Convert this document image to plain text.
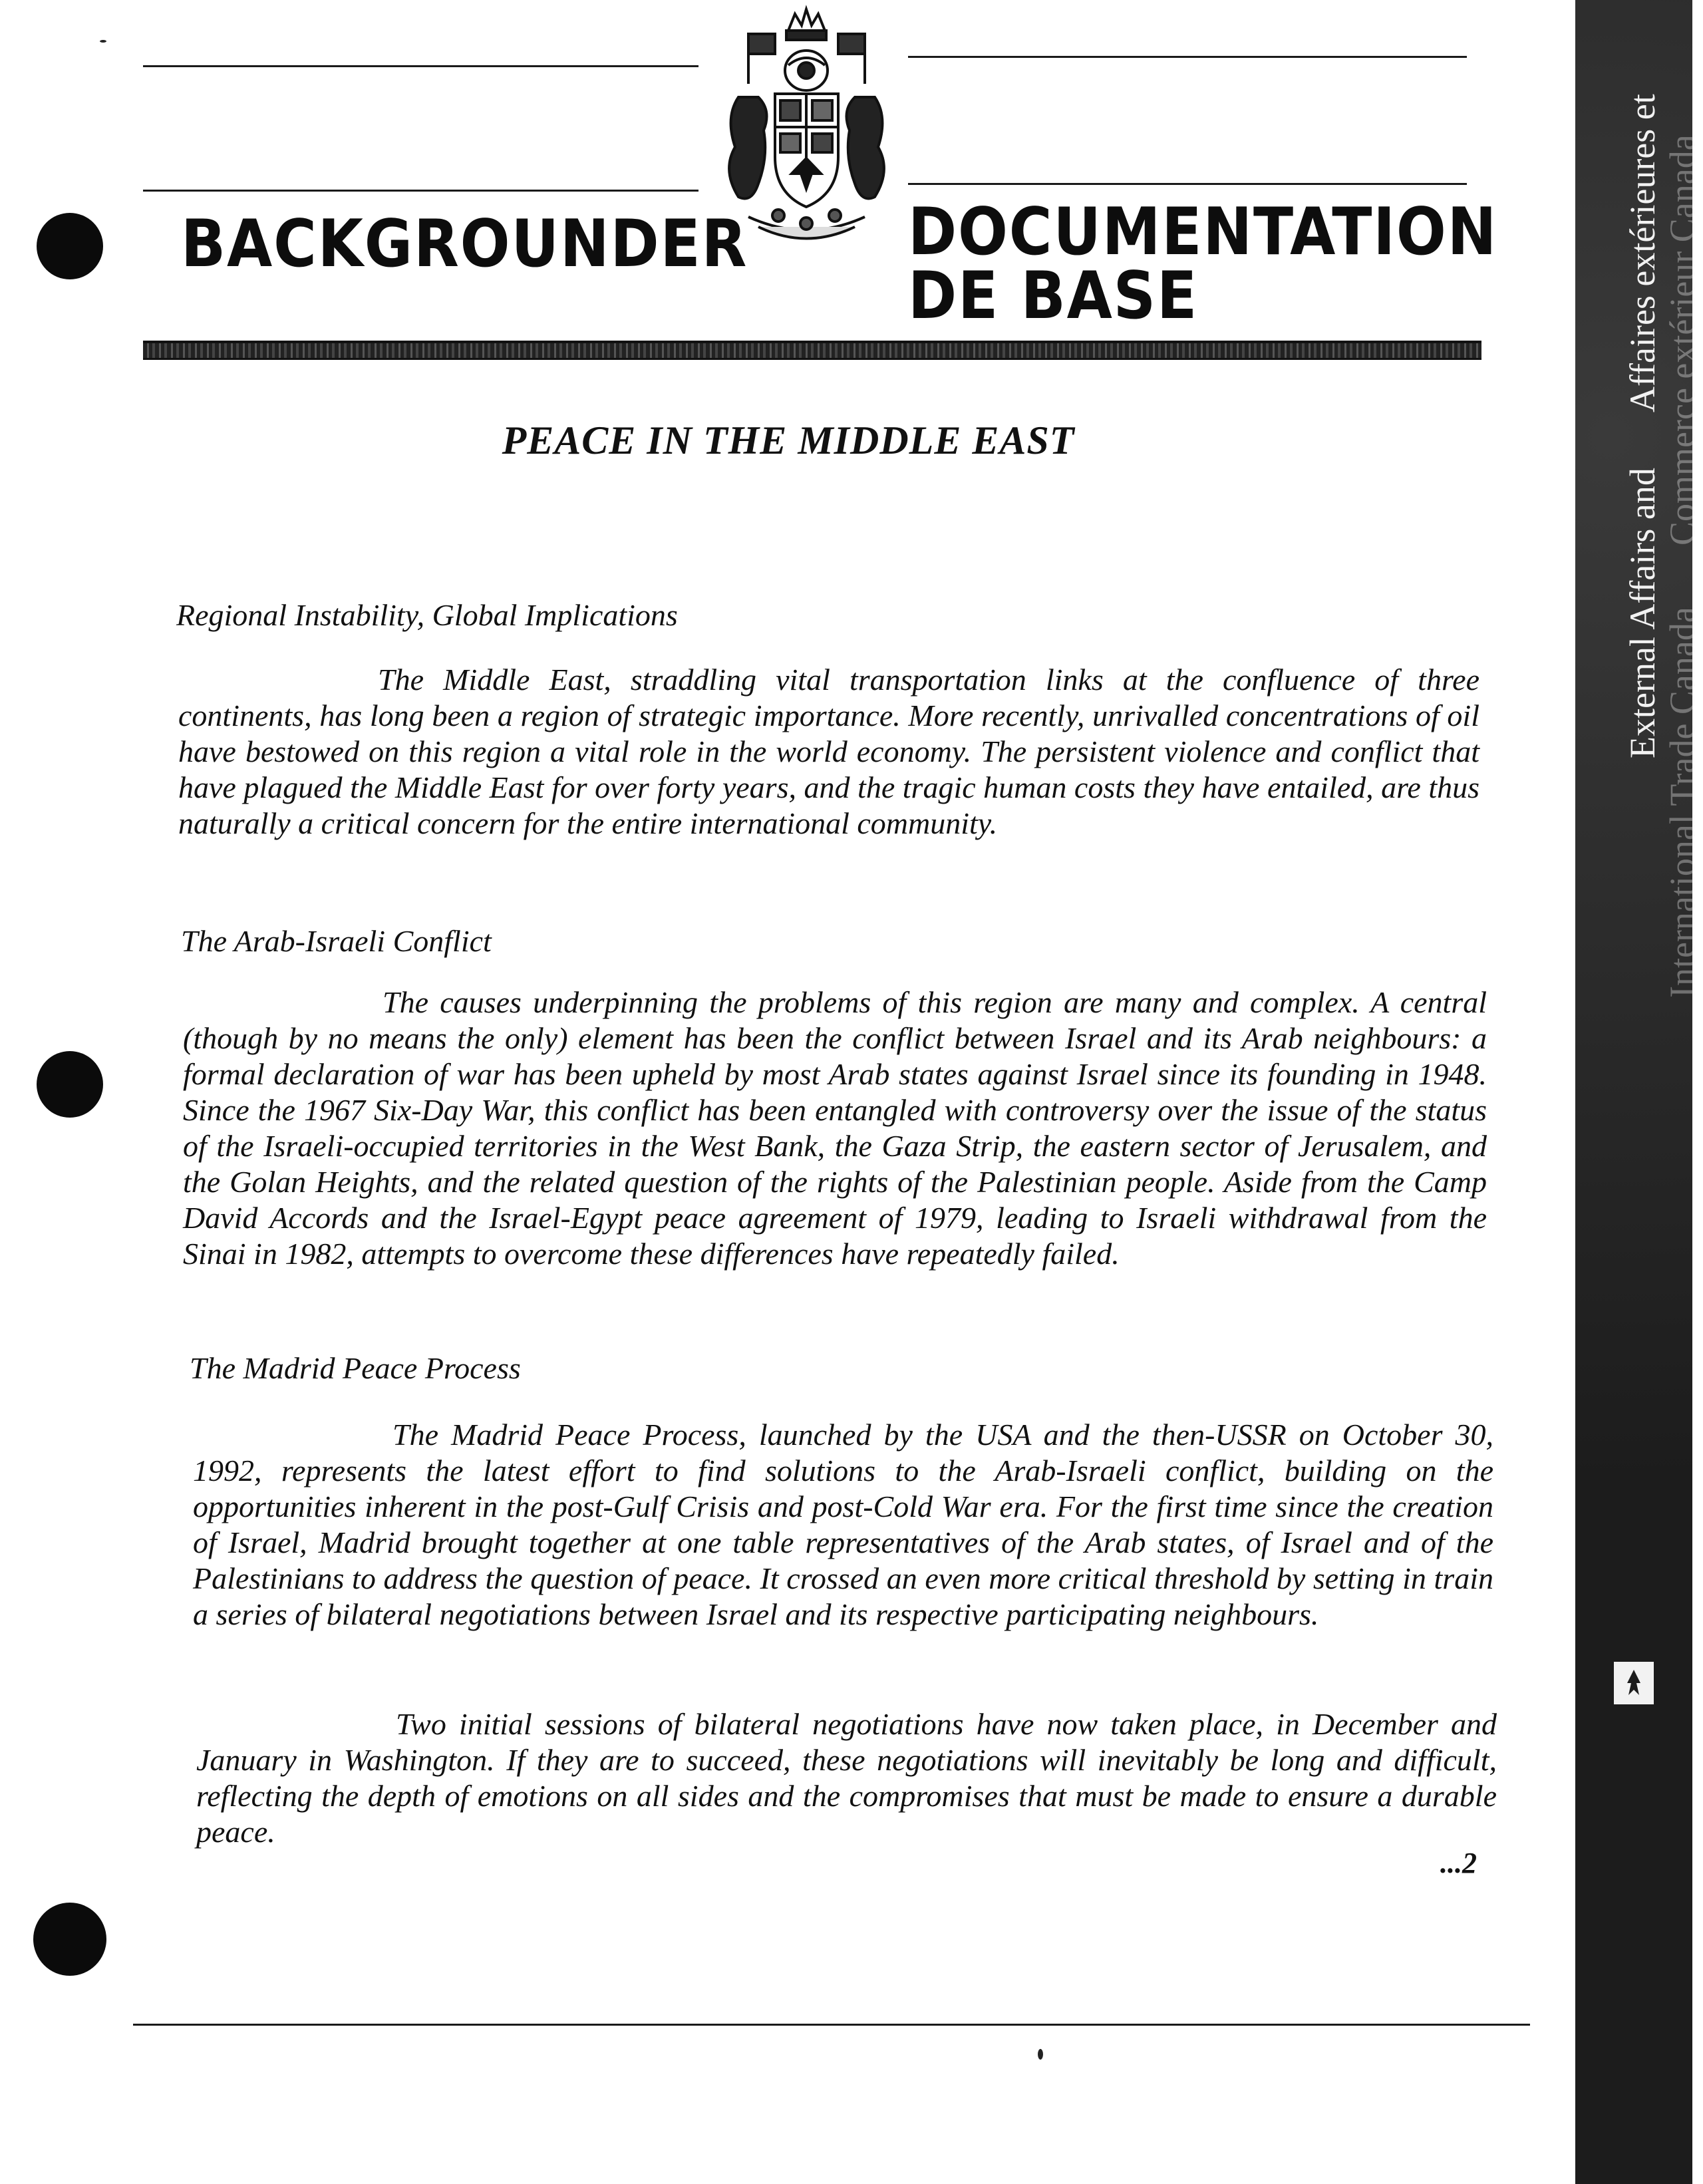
BACKGROUNDER DOCUMENTATION
DE BASE
PEACE IN THE MIDDLE EAST
Regional Instability, Global Implications

The Middle East, straddling vital transportation links at the confluence of three continents, has long been a region of strategic importance. More recently, unrivalled concentrations of oil have bestowed on this region a vital role in the world economy. The persistent violence and conflict that have plagued the Middle East for over forty years, and the tragic human costs they have entailed, are thus naturally a critical concern for the entire international community.

The Arab-Israeli Conflict

The causes underpinning the problems of this region are many and complex. A central (though by no means the only) element has been the conflict between Israel and its Arab neighbours: a formal declaration of war has been upheld by most Arab states against Israel since its founding in 1948. Since the 1967 Six-Day War, this conflict has been entangled with controversy over the issue of the status of the Israeli-occupied territories in the West Bank, the Gaza Strip, the eastern sector of Jerusalem, and the Golan Heights, and the related question of the rights of the Palestinian people. Aside from the Camp David Accords and the Israel-Egypt peace agreement of 1979, leading to Israeli withdrawal from the Sinai in 1982, attempts to overcome these differences have repeatedly failed.

The Madrid Peace Process

The Madrid Peace Process, launched by the USA and the then-USSR on October 30, 1992, represents the latest effort to find solutions to the Arab-Israeli conflict, building on the opportunities inherent in the post-Gulf Crisis and post-Cold War era. For the first time since the creation of Israel, Madrid brought together at one table representatives of the Arab states, of Israel and of the Palestinians to address the question of peace. It crossed an even more critical threshold by setting in train a series of bilateral negotiations between Israel and its respective participating neighbours.

Two initial sessions of bilateral negotiations have now taken place, in December and January in Washington. If they are to succeed, these negotiations will inevitably be long and difficult, reflecting the depth of emotions on all sides and the compromises that must be made to ensure a durable peace.

...2
External Affairs and
Affaires extérieures et
International Trade Canada
Commerce extérieur Canada
